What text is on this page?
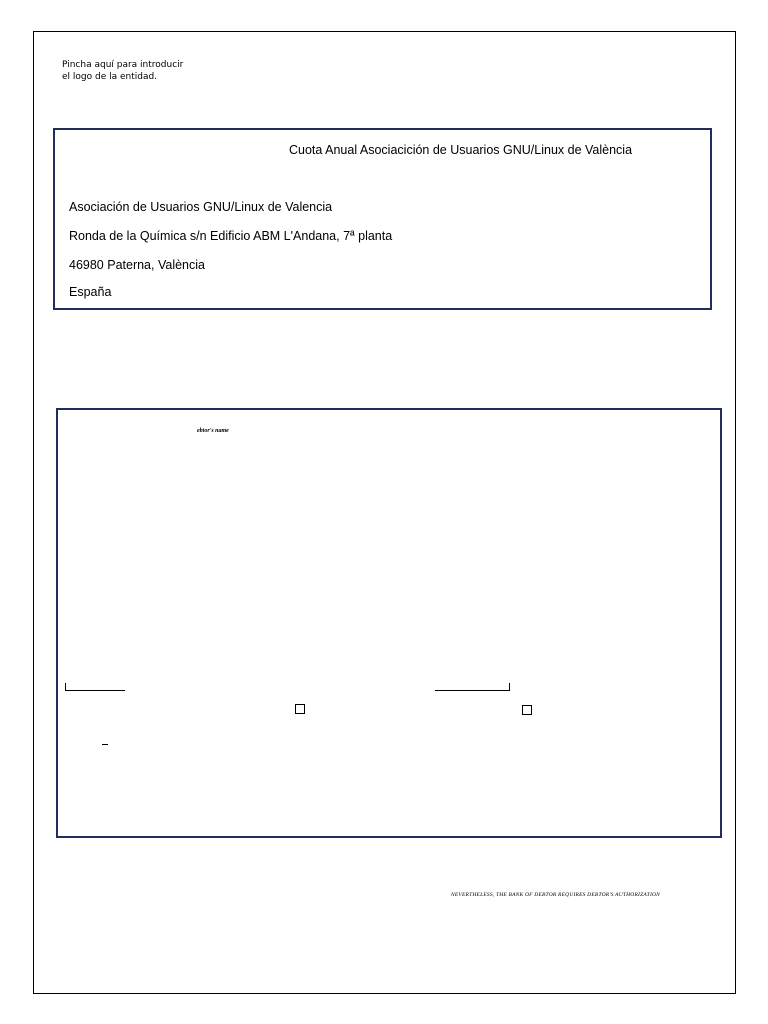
Pincha aquí para introducir
el logo de la entidad.
Cuota Anual Asociacición de Usuarios GNU/Linux de València
Asociación de Usuarios GNU/Linux de Valencia
Ronda de la Química s/n Edificio ABM L'Andana, 7ª planta
46980 Paterna, València
España
ebtor's name
NEVERTHELESS, THE BANK OF DEBTOR REQUIRES DEBTOR'S AUTHORIZATION
